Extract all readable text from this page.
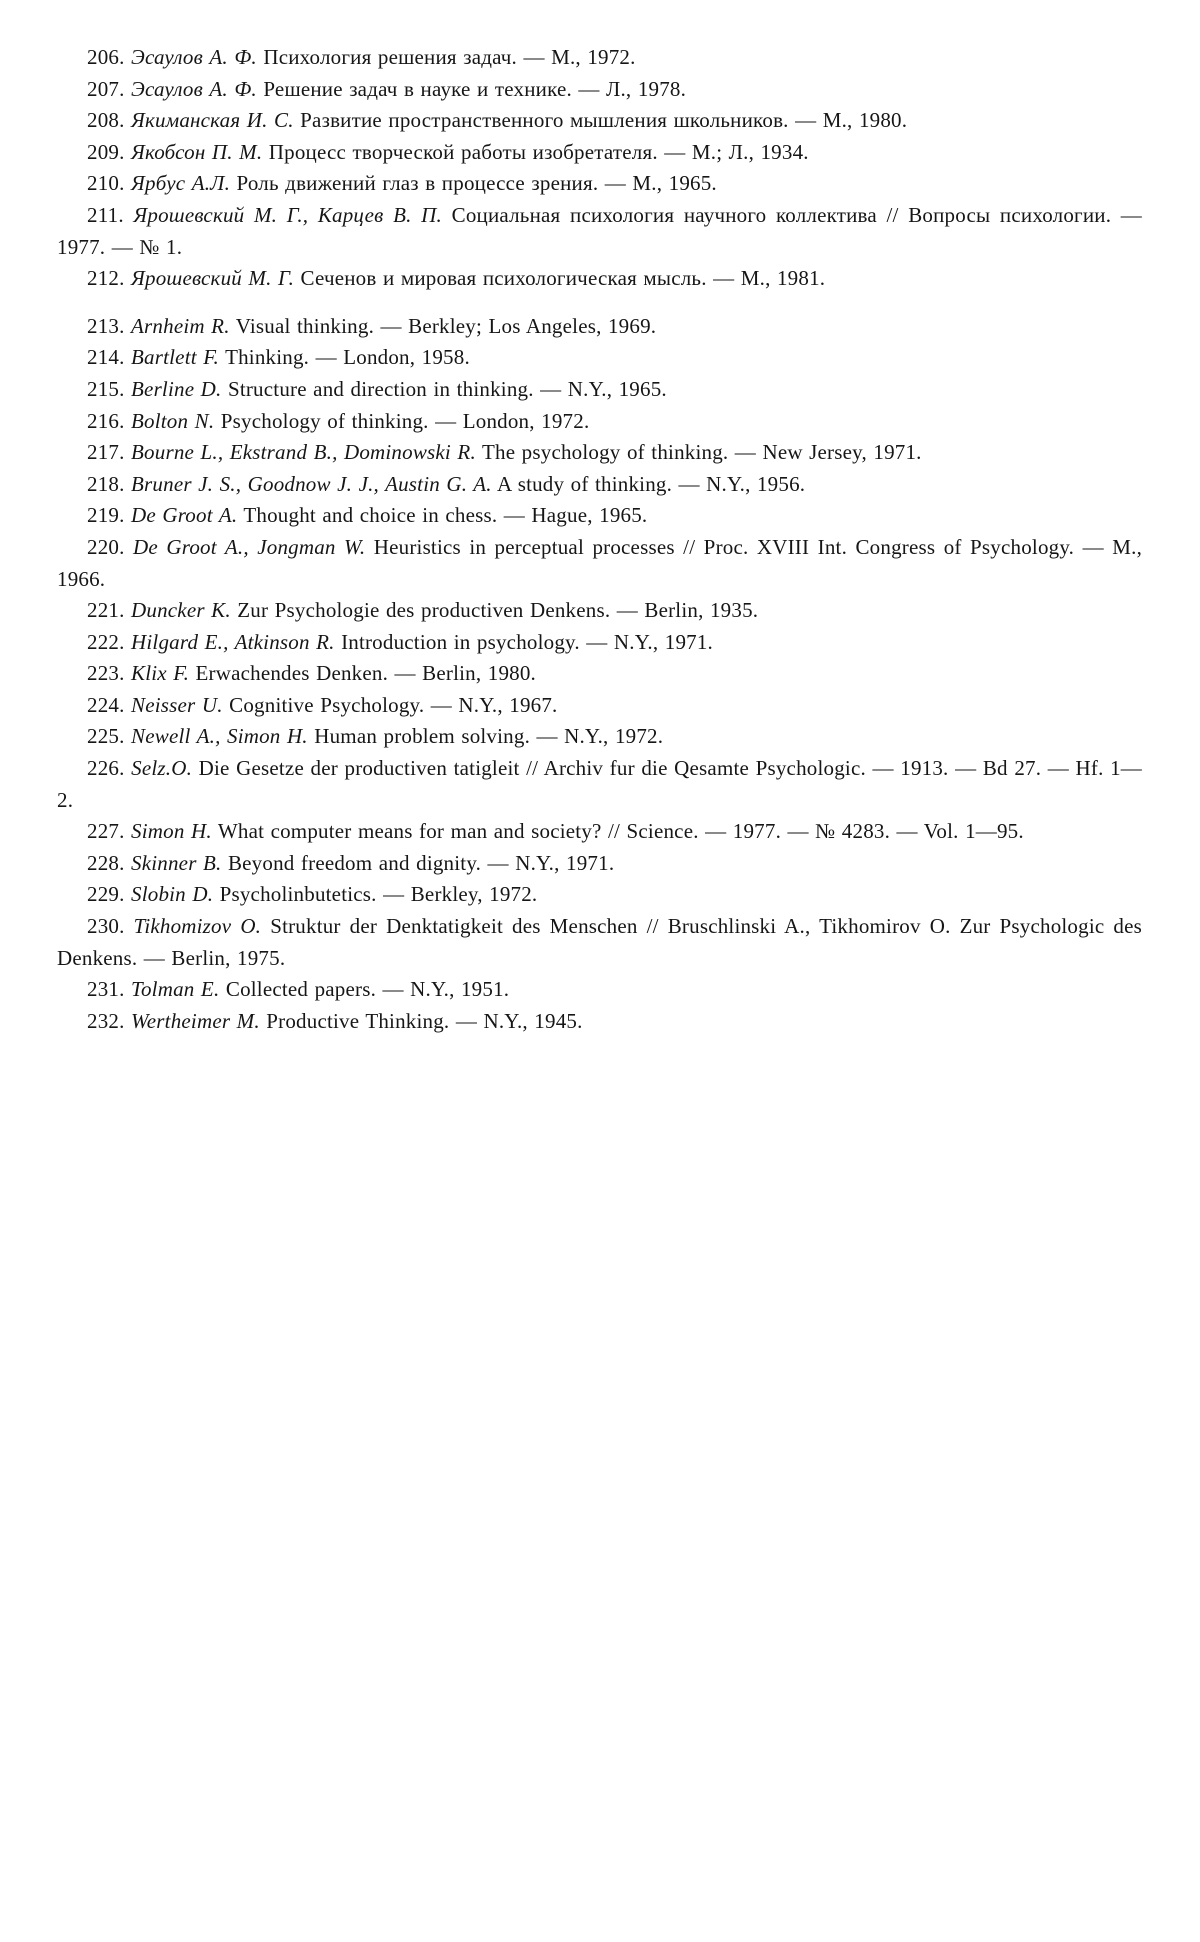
206. Эсаулов А. Ф. Психология решения задач. — М., 1972.

207. Эсаулов А. Ф. Решение задач в науке и технике. — Л., 1978.

208. Якиманская И. С. Развитие пространственного мышления школьников. — М., 1980.

209. Якобсон П. М. Процесс творческой работы изобретателя. — М.; Л., 1934.

210. Ярбус А.Л. Роль движений глаз в процессе зрения. — М., 1965.

211. Ярошевский М. Г., Карцев В. П. Социальная психология научного коллектива // Вопросы психологии. — 1977. — № 1.

212. Ярошевский М. Г. Сеченов и мировая психологическая мысль. — М., 1981.

213. Arnheim R. Visual thinking. — Berkley; Los Angeles, 1969.

214. Bartlett F. Thinking. — London, 1958.

215. Berline D. Structure and direction in thinking. — N.Y., 1965.

216. Bolton N. Psychology of thinking. — London, 1972.

217. Bourne L., Ekstrand B., Dominowski R. The psychology of thinking. — New Jersey, 1971.

218. Bruner J. S., Goodnow J. J., Austin G. A. A study of thinking. — N.Y., 1956.

219. De Groot A. Thought and choice in chess. — Hague, 1965.

220. De Groot A., Jongman W. Heuristics in perceptual processes // Proc. XVIII Int. Congress of Psychology. — М., 1966.

221. Duncker K. Zur Psychologie des productiven Denkens. — Berlin, 1935.

222. Hilgard E., Atkinson R. Introduction in psychology. — N.Y., 1971.

223. Klix F. Erwachendes Denken. — Berlin, 1980.

224. Neisser U. Cognitive Psychology. — N.Y., 1967.

225. Newell A., Simon H. Human problem solving. — N.Y., 1972.

226. Selz.O. Die Gesetze der productiven tatigleit // Archiv fur die Qesamte Psychologic. — 1913. — Bd 27. — Hf. 1—2.

227. Simon H. What computer means for man and society? // Science. — 1977. — № 4283. — Vol. 1—95.

228. Skinner B. Beyond freedom and dignity. — N.Y., 1971.

229. Slobin D. Psycholinbutetics. — Berkley, 1972.

230. Tikhomizov O. Struktur der Denktatigkeit des Menschen // Bruschlinski A., Tikhomirov O. Zur Psychologic des Denkens. — Berlin, 1975.

231. Tolman E. Collected papers. — N.Y., 1951.

232. Wertheimer M. Productive Thinking. — N.Y., 1945.
